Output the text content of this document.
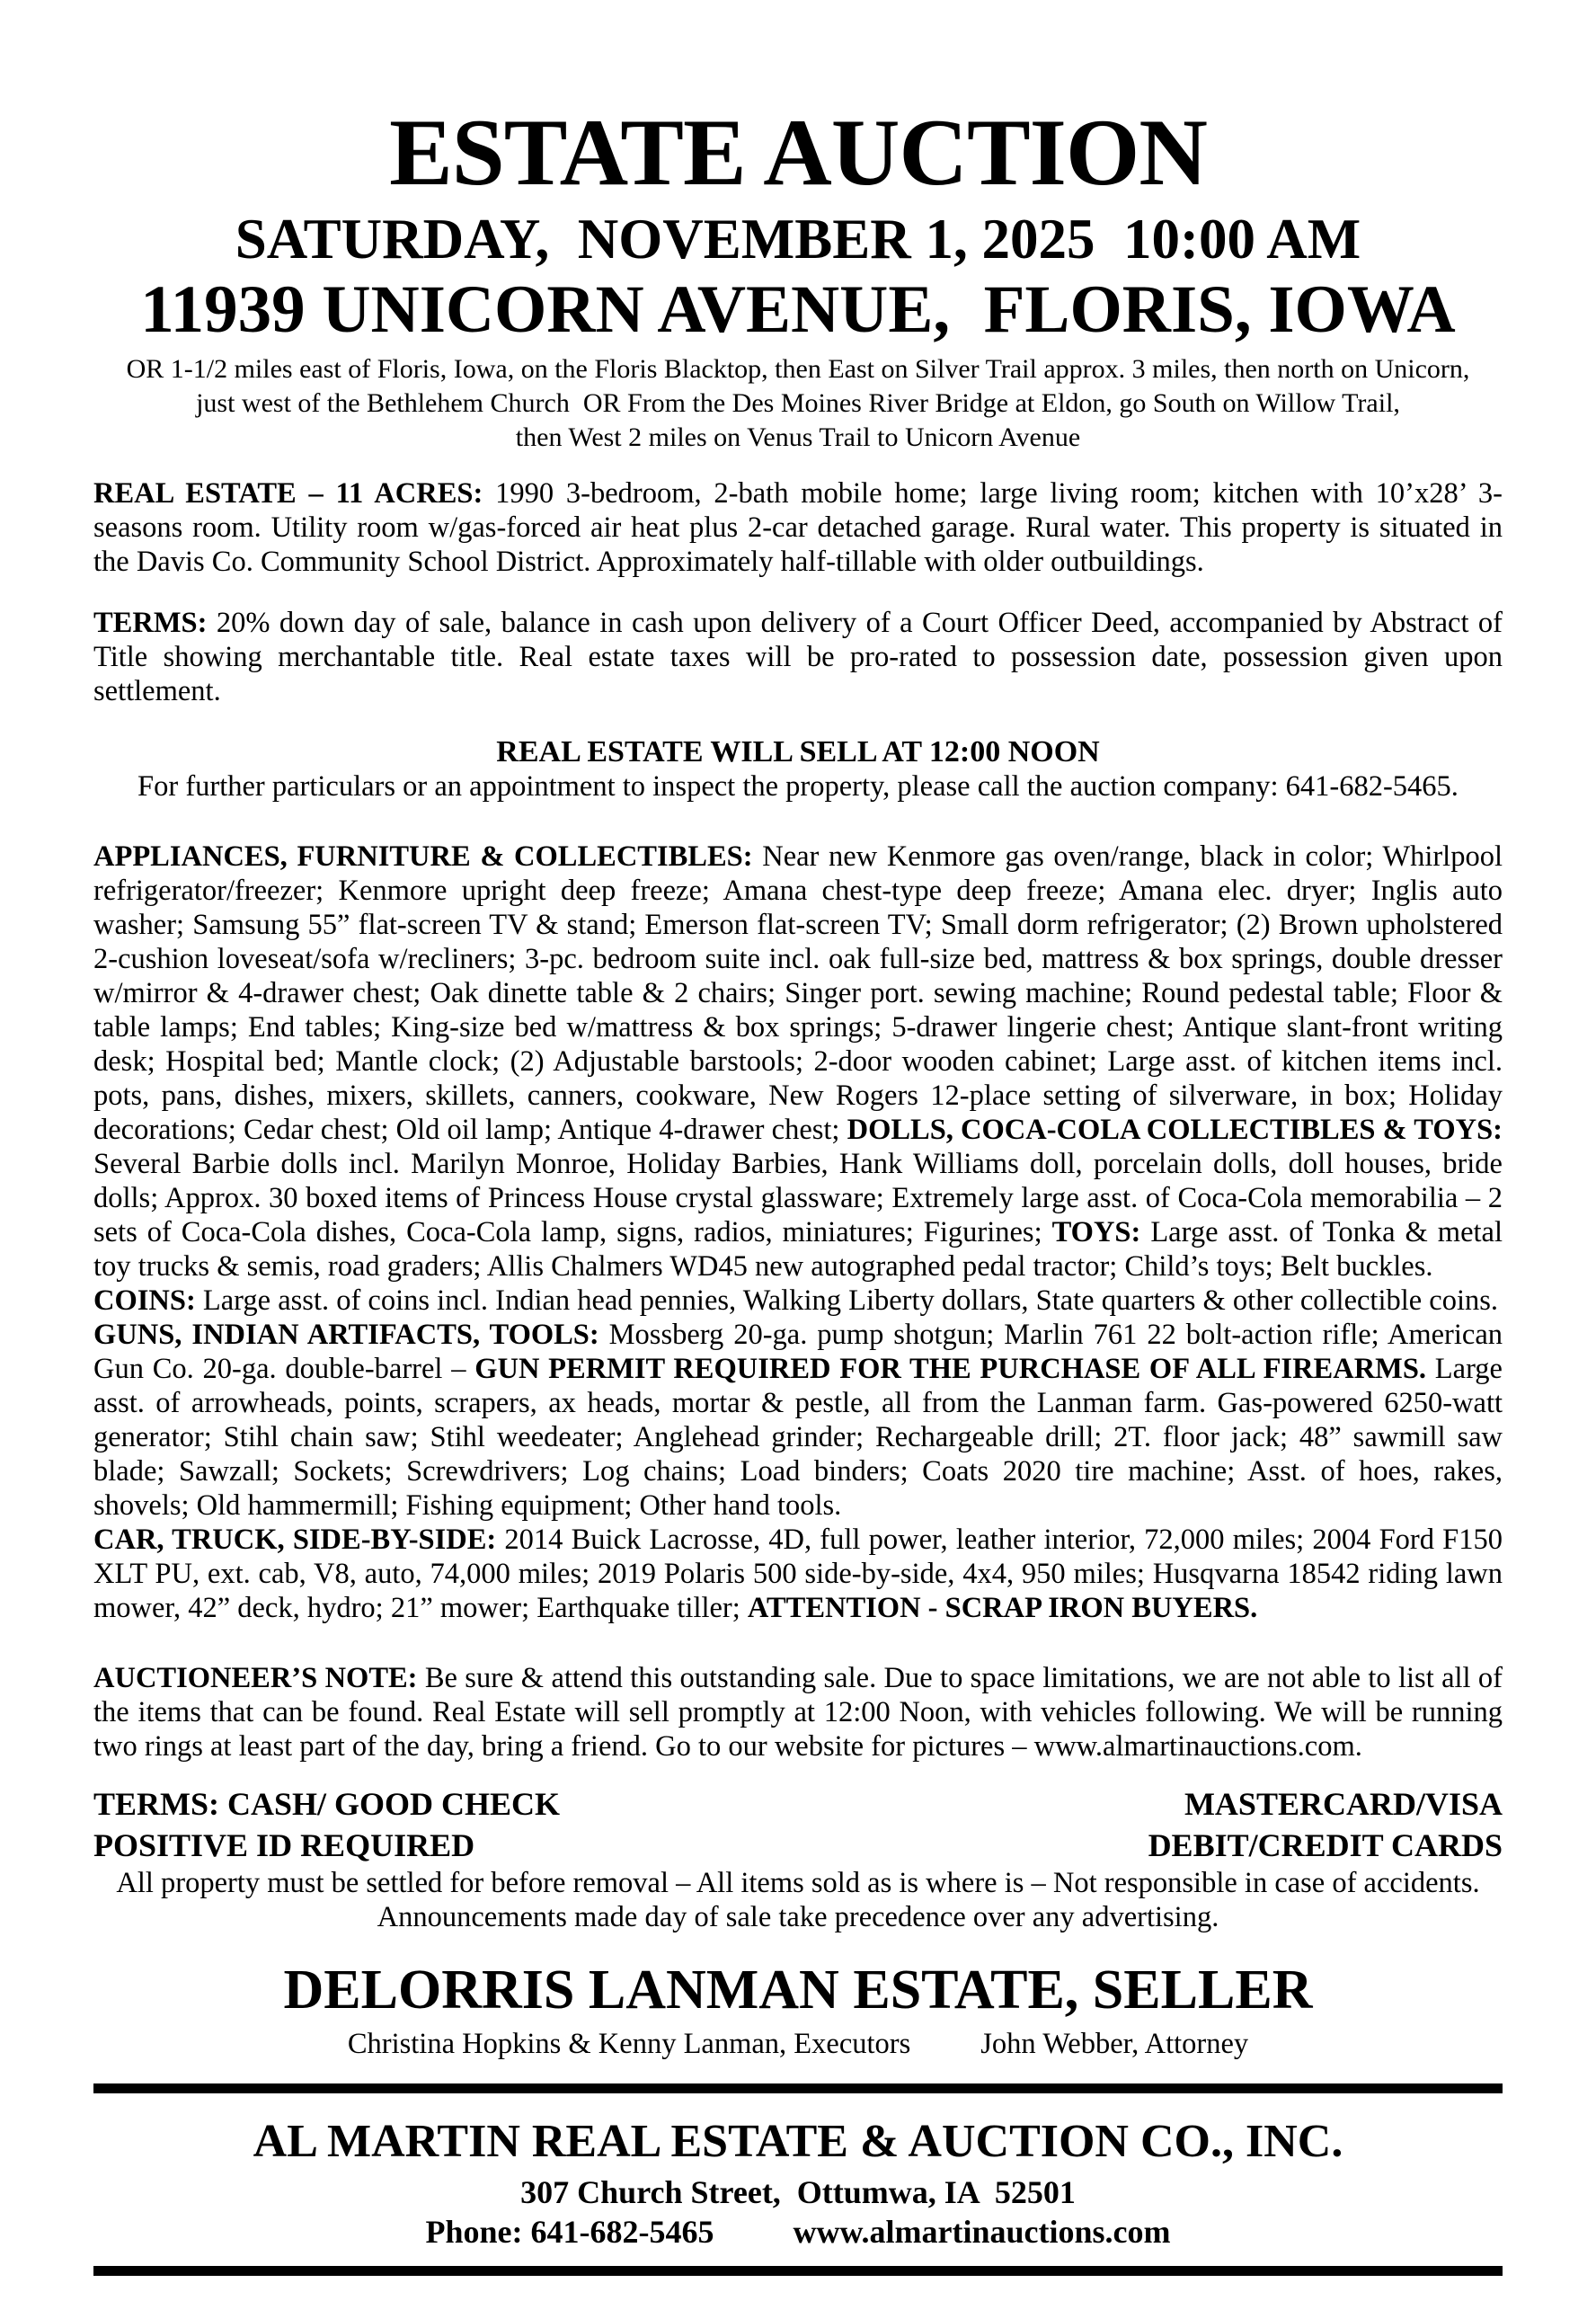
ESTATE AUCTION
SATURDAY,  NOVEMBER 1, 2025  10:00 AM
11939 UNICORN AVENUE,  FLORIS, IOWA
OR 1-1/2 miles east of Floris, Iowa, on the Floris Blacktop, then East on Silver Trail approx. 3 miles, then north on Unicorn,
just west of the Bethlehem Church  OR From the Des Moines River Bridge at Eldon, go South on Willow Trail,
then West 2 miles on Venus Trail to Unicorn Avenue
REAL ESTATE – 11 ACRES: 1990 3-bedroom, 2-bath mobile home; large living room; kitchen with 10’x28’ 3-seasons room. Utility room w/gas-forced air heat plus 2-car detached garage. Rural water. This property is situated in the Davis Co. Community School District. Approximately half-tillable with older outbuildings.
TERMS: 20% down day of sale, balance in cash upon delivery of a Court Officer Deed, accompanied by Abstract of Title showing merchantable title. Real estate taxes will be pro-rated to possession date, possession given upon settlement.
REAL ESTATE WILL SELL AT 12:00 NOON
For further particulars or an appointment to inspect the property, please call the auction company: 641-682-5465.
APPLIANCES, FURNITURE & COLLECTIBLES: Near new Kenmore gas oven/range, black in color; Whirlpool refrigerator/freezer; Kenmore upright deep freeze; Amana chest-type deep freeze; Amana elec. dryer; Inglis auto washer; Samsung 55” flat-screen TV & stand; Emerson flat-screen TV; Small dorm refrigerator; (2) Brown upholstered 2-cushion loveseat/sofa w/recliners; 3-pc. bedroom suite incl. oak full-size bed, mattress & box springs, double dresser w/mirror & 4-drawer chest; Oak dinette table & 2 chairs; Singer port. sewing machine; Round pedestal table; Floor & table lamps; End tables; King-size bed w/mattress & box springs; 5-drawer lingerie chest; Antique slant-front writing desk; Hospital bed; Mantle clock; (2) Adjustable barstools; 2-door wooden cabinet; Large asst. of kitchen items incl. pots, pans, dishes, mixers, skillets, canners, cookware, New Rogers 12-place setting of silverware, in box; Holiday decorations; Cedar chest; Old oil lamp; Antique 4-drawer chest; DOLLS, COCA-COLA COLLECTIBLES & TOYS: Several Barbie dolls incl. Marilyn Monroe, Holiday Barbies, Hank Williams doll, porcelain dolls, doll houses, bride dolls; Approx. 30 boxed items of Princess House crystal glassware; Extremely large asst. of Coca-Cola memorabilia – 2 sets of Coca-Cola dishes, Coca-Cola lamp, signs, radios, miniatures; Figurines; TOYS: Large asst. of Tonka & metal toy trucks & semis, road graders; Allis Chalmers WD45 new autographed pedal tractor; Child’s toys; Belt buckles.
COINS: Large asst. of coins incl. Indian head pennies, Walking Liberty dollars, State quarters & other collectible coins.
GUNS, INDIAN ARTIFACTS, TOOLS: Mossberg 20-ga. pump shotgun; Marlin 761 22 bolt-action rifle; American Gun Co. 20-ga. double-barrel – GUN PERMIT REQUIRED FOR THE PURCHASE OF ALL FIREARMS. Large asst. of arrowheads, points, scrapers, ax heads, mortar & pestle, all from the Lanman farm. Gas-powered 6250-watt generator; Stihl chain saw; Stihl weedeater; Anglehead grinder; Rechargeable drill; 2T. floor jack; 48” sawmill saw blade; Sawzall; Sockets; Screwdrivers; Log chains; Load binders; Coats 2020 tire machine; Asst. of hoes, rakes, shovels; Old hammermill; Fishing equipment; Other hand tools.
CAR, TRUCK, SIDE-BY-SIDE: 2014 Buick Lacrosse, 4D, full power, leather interior, 72,000 miles; 2004 Ford F150 XLT PU, ext. cab, V8, auto, 74,000 miles; 2019 Polaris 500 side-by-side, 4x4, 950 miles; Husqvarna 18542 riding lawn mower, 42” deck, hydro; 21” mower; Earthquake tiller; ATTENTION - SCRAP IRON BUYERS.
AUCTIONEER’S NOTE: Be sure & attend this outstanding sale. Due to space limitations, we are not able to list all of the items that can be found. Real Estate will sell promptly at 12:00 Noon, with vehicles following. We will be running two rings at least part of the day, bring a friend. Go to our website for pictures – www.almartinauctions.com.
TERMS: CASH/ GOOD CHECK
POSITIVE ID REQUIRED
MASTERCARD/VISA
DEBIT/CREDIT CARDS
All property must be settled for before removal – All items sold as is where is – Not responsible in case of accidents.
Announcements made day of sale take precedence over any advertising.
DELORRIS LANMAN ESTATE, SELLER
Christina Hopkins & Kenny Lanman, Executors John Webber, Attorney
AL MARTIN REAL ESTATE & AUCTION CO., INC.
307 Church Street,  Ottumwa, IA  52501
Phone: 641-682-5465 www.almartinauctions.com
